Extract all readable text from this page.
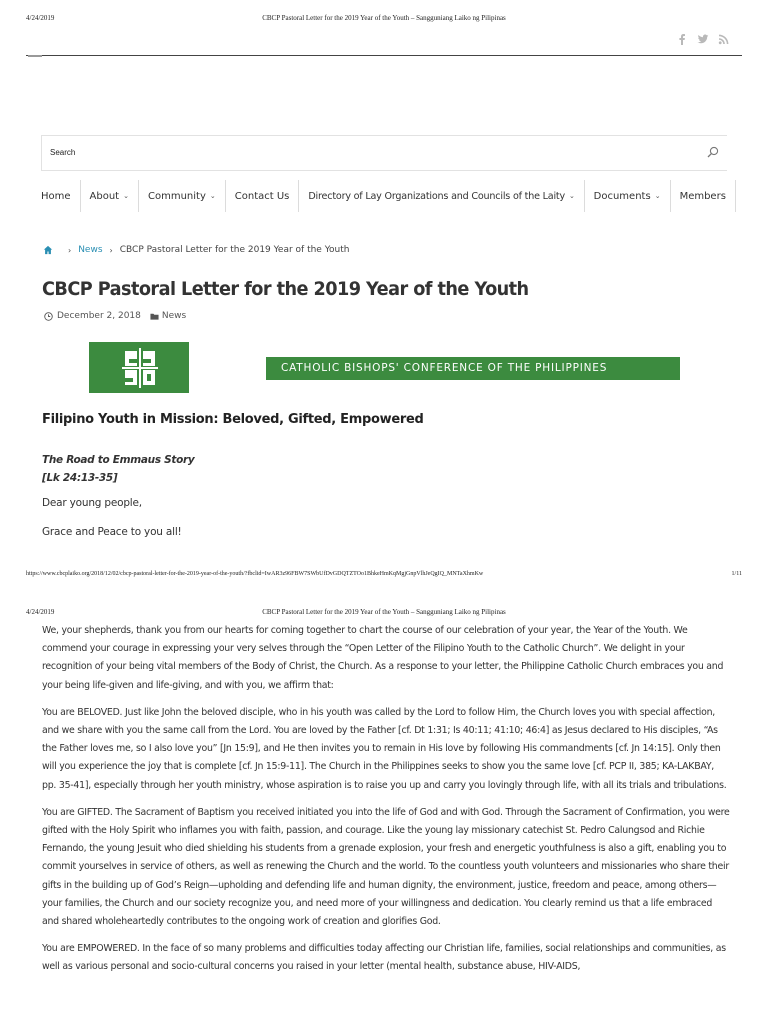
4/24/2019	CBCP Pastoral Letter for the 2019 Year of the Youth – Sangguniang Laiko ng Pilipinas
Search
Home About ⌄ Community ⌄ Contact Us Directory of Lay Organizations and Councils of the Laity ⌄ Documents ⌄ Members
› News › CBCP Pastoral Letter for the 2019 Year of the Youth
CBCP Pastoral Letter for the 2019 Year of the Youth
December 2, 2018 News
CATHOLIC BISHOPS' CONFERENCE OF THE PHILIPPINES
Filipino Youth in Mission: Beloved, Gifted, Empowered
The Road to Emmaus Story
[Lk 24:13-35]
Dear young people,
Grace and Peace to you all!
https://www.cbcplaiko.org/2018/12/02/cbcp-pastoral-letter-for-the-2019-year-of-the-youth/?fbclid=IwAR3z96FBW7SWbUfDvGDQTZTOo1BhkeHmKqMgjGnpVlhJeQgIQ_MNTaXhmKw	1/11
4/24/2019	CBCP Pastoral Letter for the 2019 Year of the Youth – Sangguniang Laiko ng Pilipinas

We, your shepherds, thank you from our hearts for coming together to chart the course of our celebration of your year, the Year of the Youth. We commend your courage in expressing your very selves through the “Open Letter of the Filipino Youth to the Catholic Church”. We delight in your recognition of your being vital members of the Body of Christ, the Church. As a response to your letter, the Philippine Catholic Church embraces you and your being life-given and life-giving, and with you, we affirm that:

You are BELOVED. Just like John the beloved disciple, who in his youth was called by the Lord to follow Him, the Church loves you with special affection, and we share with you the same call from the Lord. You are loved by the Father [cf. Dt 1:31; Is 40:11; 41:10; 46:4] as Jesus declared to His disciples, “As the Father loves me, so I also love you” [Jn 15:9], and He then invites you to remain in His love by following His commandments [cf. Jn 14:15]. Only then will you experience the joy that is complete [cf. Jn 15:9-11]. The Church in the Philippines seeks to show you the same love [cf. PCP II, 385; KA-LAKBAY, pp. 35-41], especially through her youth ministry, whose aspiration is to raise you up and carry you lovingly through life, with all its trials and tribulations.

You are GIFTED. The Sacrament of Baptism you received initiated you into the life of God and with God. Through the Sacrament of Confirmation, you were gifted with the Holy Spirit who inflames you with faith, passion, and courage. Like the young lay missionary catechist St. Pedro Calungsod and Richie Fernando, the young Jesuit who died shielding his students from a grenade explosion, your fresh and energetic youthfulness is also a gift, enabling you to commit yourselves in service of others, as well as renewing the Church and the world. To the countless youth volunteers and missionaries who share their gifts in the building up of God’s Reign—upholding and defending life and human dignity, the environment, justice, freedom and peace, among others—your families, the Church and our society recognize you, and need more of your willingness and dedication. You clearly remind us that a life embraced and shared wholeheartedly contributes to the ongoing work of creation and glorifies God.

You are EMPOWERED. In the face of so many problems and difficulties today affecting our Christian life, families, social relationships and communities, as well as various personal and socio-cultural concerns you raised in your letter (mental health, substance abuse, HIV-AIDS,
